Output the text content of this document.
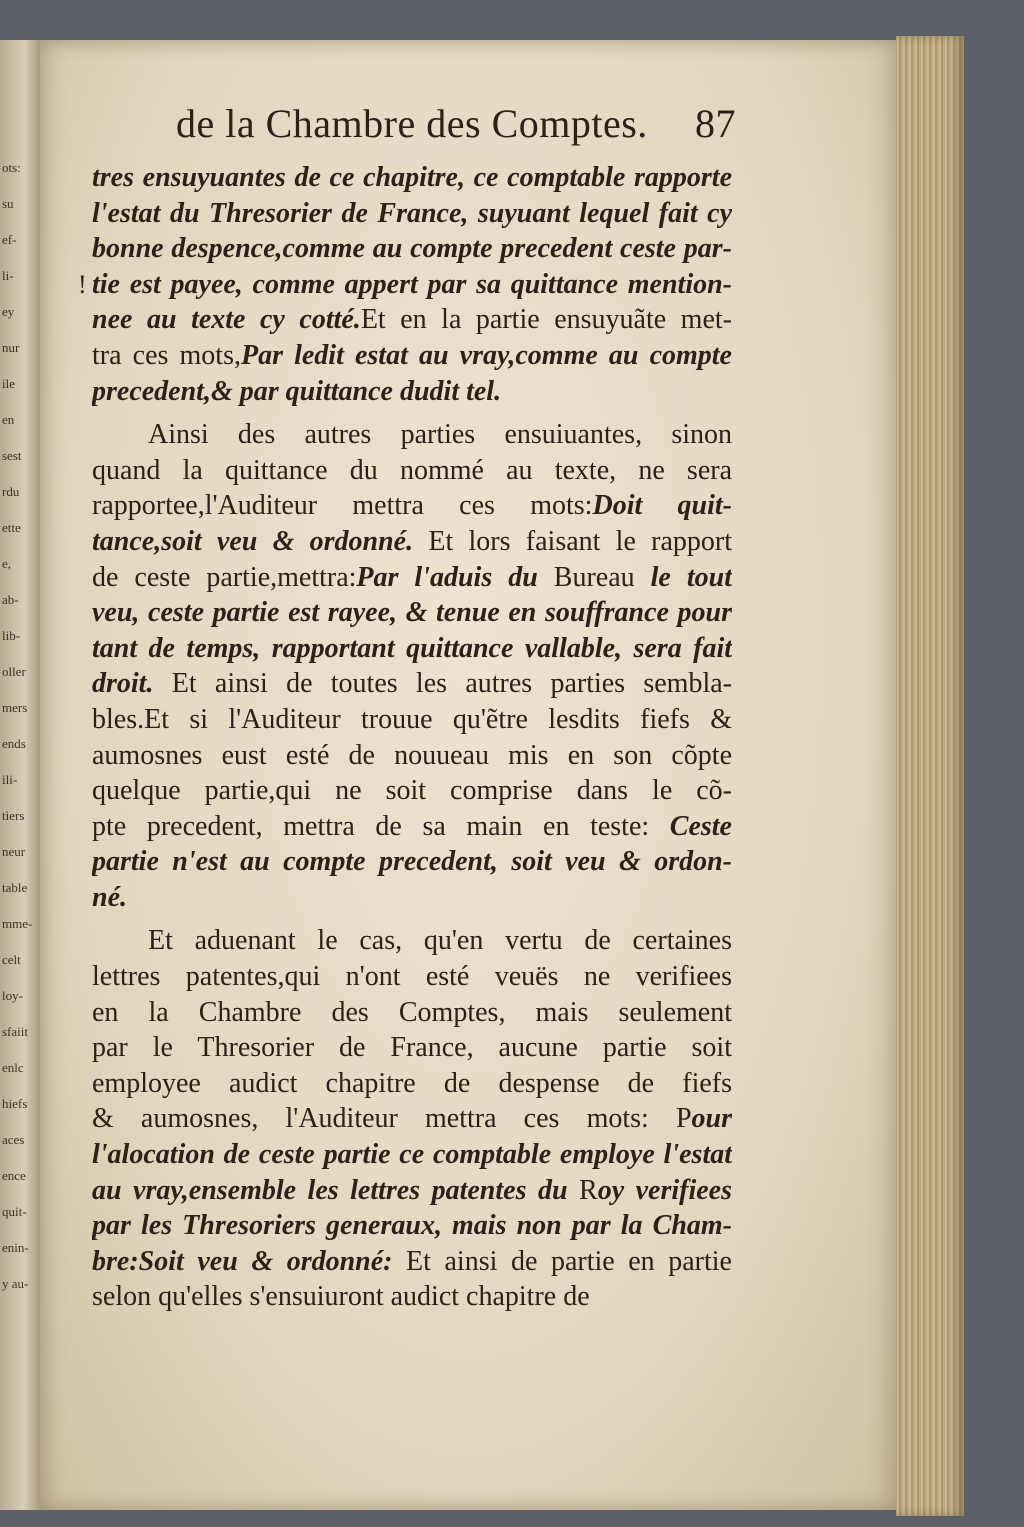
ots:
su
ef-
li-
ey
nur
ile
en
sest
rdu
ette
e,
ab-
lib-
oller
mers
ends
ili-
tiers
neur
table
mme-
celt
loy-
sfaiit
enlc
hiefs
aces
ence
quit-
enin-
y au-
de la Chambre des Comptes. 87
!
tres ensuyuantes de ce chapitre, ce comptable rapporte
l'estat du Thresorier de France, suyuant lequel fait cy
bonne despence,comme au compte precedent ceste par-
tie est payee, comme appert par sa quittance mention-
nee au texte cy cotté.Et en la partie ensuyuãte met-
tra ces mots,Par ledit estat au vray,comme au compte
precedent,& par quittance dudit tel.
Ainsi des autres parties ensuiuantes, sinon
quand la quittance du nommé au texte, ne sera
rapportee,l'Auditeur mettra ces mots:Doit quit-
tance,soit veu & ordonné. Et lors faisant le rapport
de ceste partie,mettra:Par l'aduis du Bureau le tout
veu, ceste partie est rayee, & tenue en souffrance pour
tant de temps, rapportant quittance vallable, sera fait
droit. Et ainsi de toutes les autres parties sembla-
bles.Et si l'Auditeur trouue qu'ẽtre lesdits fiefs &
aumosnes eust esté de nouueau mis en son cõpte
quelque partie,qui ne soit comprise dans le cõ-
pte precedent, mettra de sa main en teste: Ceste
partie n'est au compte precedent, soit veu & ordon-
né.
Et aduenant le cas, qu'en vertu de certaines
lettres patentes,qui n'ont esté veuës ne verifiees
en la Chambre des Comptes, mais seulement
par le Thresorier de France, aucune partie soit
employee audict chapitre de despense de fiefs
& aumosnes, l'Auditeur mettra ces mots: Pour
l'alocation de ceste partie ce comptable employe l'estat
au vray,ensemble les lettres patentes du Roy verifiees
par les Thresoriers generaux, mais non par la Cham-
bre:Soit veu & ordonné: Et ainsi de partie en partie
selon qu'elles s'ensuiuront audict chapitre de
